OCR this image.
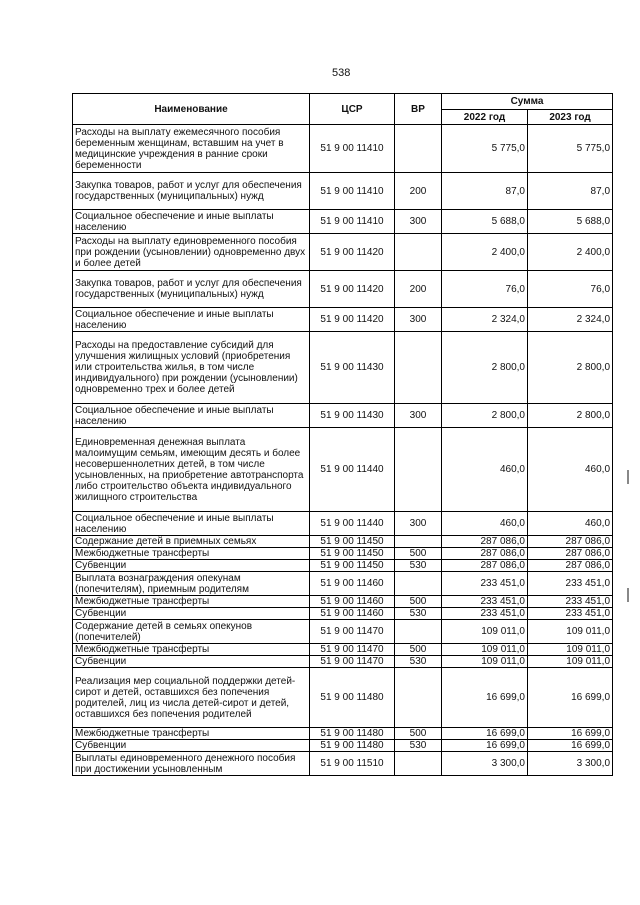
538
Наименование	ЦСР	ВР	Сумма	
			2022 год	2023 год
Расходы на выплату ежемесячного пособия беременным женщинам, вставшим на учет в медицинские учреждения в ранние сроки беременности	51 9 00 11410		5 775,0	5 775,0
Закупка товаров, работ и услуг для обеспечения государственных (муниципальных) нужд	51 9 00 11410	200	87,0	87,0
Социальное обеспечение и иные выплаты населению	51 9 00 11410	300	5 688,0	5 688,0
Расходы на выплату единовременного пособия при рождении (усыновлении) одновременно двух и более детей	51 9 00 11420		2 400,0	2 400,0
Закупка товаров, работ и услуг для обеспечения государственных (муниципальных) нужд	51 9 00 11420	200	76,0	76,0
Социальное обеспечение и иные выплаты населению	51 9 00 11420	300	2 324,0	2 324,0
Расходы на предоставление субсидий для улучшения жилищных условий (приобретения или строительства жилья, в том числе индивидуального) при рождении (усыновлении) одновременно трех и более детей	51 9 00 11430		2 800,0	2 800,0
Социальное обеспечение и иные выплаты населению	51 9 00 11430	300	2 800,0	2 800,0
Единовременная денежная выплата малоимущим семьям, имеющим десять и более несовершеннолетних детей, в том числе усыновленных, на приобретение автотранспорта либо строительство объекта индивидуального жилищного строительства	51 9 00 11440		460,0	460,0
Социальное обеспечение и иные выплаты населению	51 9 00 11440	300	460,0	460,0
Содержание детей в приемных семьях	51 9 00 11450		287 086,0	287 086,0
Межбюджетные трансферты	51 9 00 11450	500	287 086,0	287 086,0
Субвенции	51 9 00 11450	530	287 086,0	287 086,0
Выплата вознаграждения опекунам (попечителям), приемным родителям	51 9 00 11460		233 451,0	233 451,0
Межбюджетные трансферты	51 9 00 11460	500	233 451,0	233 451,0
Субвенции	51 9 00 11460	530	233 451,0	233 451,0
Содержание детей в семьях опекунов (попечителей)	51 9 00 11470		109 011,0	109 011,0
Межбюджетные трансферты	51 9 00 11470	500	109 011,0	109 011,0
Субвенции	51 9 00 11470	530	109 011,0	109 011,0
Реализация мер социальной поддержки детей-сирот и детей, оставшихся без попечения родителей, лиц из числа детей-сирот и детей, оставшихся без попечения родителей	51 9 00 11480		16 699,0	16 699,0
Межбюджетные трансферты	51 9 00 11480	500	16 699,0	16 699,0
Субвенции	51 9 00 11480	530	16 699,0	16 699,0
Выплаты единовременного денежного пособия при достижении усыновленным	51 9 00 11510		3 300,0	3 300,0
